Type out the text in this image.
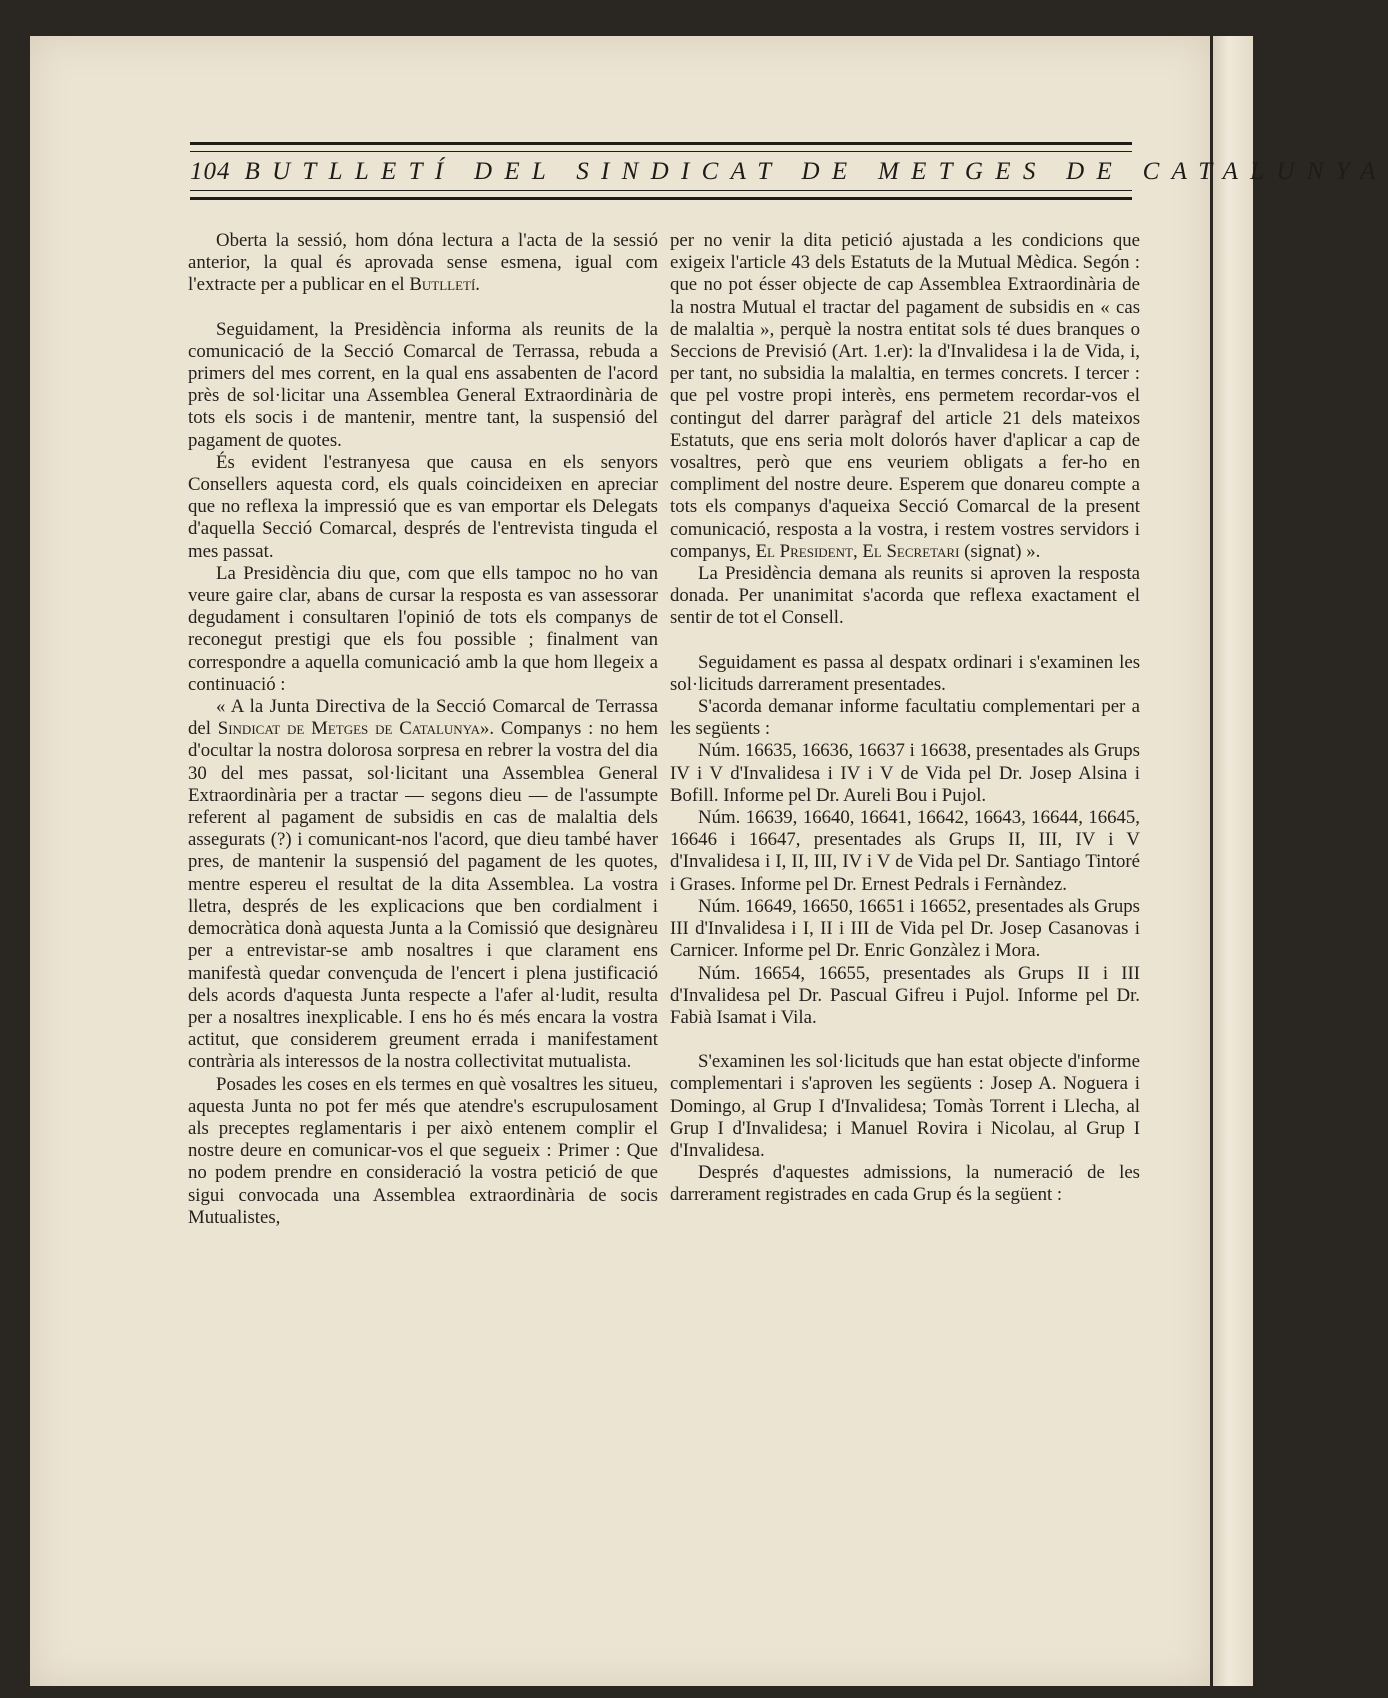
104 BUTLLETÍ DEL SINDICAT DE METGES DE CATALUNYA

Oberta la sessió, hom dóna lectura a l'acta de la sessió anterior, la qual és aprovada sense esmena, igual com l'extracte per a publicar en el Butlletí.

Seguidament, la Presidència informa als reunits de la comunicació de la Secció Comarcal de Terrassa, rebuda a primers del mes corrent, en la qual ens assabenten de l'acord près de sol·licitar una Assemblea General Extraordinària de tots els socis i de mantenir, mentre tant, la suspensió del pagament de quotes.

És evident l'estranyesa que causa en els senyors Consellers aquesta cord, els quals coincideixen en apreciar que no reflexa la impressió que es van emportar els Delegats d'aquella Secció Comarcal, després de l'entrevista tinguda el mes passat.

La Presidència diu que, com que ells tampoc no ho van veure gaire clar, abans de cursar la resposta es van assessorar degudament i consultaren l'opinió de tots els companys de reconegut prestigi que els fou possible ; finalment van correspondre a aquella comunicació amb la que hom llegeix a continuació :

« A la Junta Directiva de la Secció Comarcal de Terrassa del Sindicat de Metges de Catalunya». Companys : no hem d'ocultar la nostra dolorosa sorpresa en rebrer la vostra del dia 30 del mes passat, sol·licitant una Assemblea General Extraordinària per a tractar — segons dieu — de l'assumpte referent al pagament de subsidis en cas de malaltia dels assegurats (?) i comunicant-nos l'acord, que dieu també haver pres, de mantenir la suspensió del pagament de les quotes, mentre espereu el resultat de la dita Assemblea. La vostra lletra, després de les explicacions que ben cordialment i democràtica donà aquesta Junta a la Comissió que designàreu per a entrevistar-se amb nosaltres i que clarament ens manifestà quedar convençuda de l'encert i plena justificació dels acords d'aquesta Junta respecte a l'afer al·ludit, resulta per a nosaltres inexplicable. I ens ho és més encara la vostra actitut, que considerem greument errada i manifestament contrària als interessos de la nostra collectivitat mutualista.

Posades les coses en els termes en què vosaltres les situeu, aquesta Junta no pot fer més que atendre's escrupulosament als preceptes reglamentaris i per això entenem complir el nostre deure en comunicar-vos el que segueix : Primer : Que no podem prendre en consideració la vostra petició de que sigui convocada una Assemblea extraordinària de socis Mutualistes,

per no venir la dita petició ajustada a les condicions que exigeix l'article 43 dels Estatuts de la Mutual Mèdica. Segón : que no pot ésser objecte de cap Assemblea Extraordinària de la nostra Mutual el tractar del pagament de subsidis en « cas de malaltia », perquè la nostra entitat sols té dues branques o Seccions de Previsió (Art. 1.er): la d'Invalidesa i la de Vida, i, per tant, no subsidia la malaltia, en termes concrets. I tercer : que pel vostre propi interès, ens permetem recordar-vos el contingut del darrer paràgraf del article 21 dels mateixos Estatuts, que ens seria molt dolorós haver d'aplicar a cap de vosaltres, però que ens veuriem obligats a fer-ho en compliment del nostre deure. Esperem que donareu compte a tots els companys d'aqueixa Secció Comarcal de la present comunicació, resposta a la vostra, i restem vostres servidors i companys, El President, El Secretari (signat) ».

La Presidència demana als reunits si aproven la resposta donada. Per unanimitat s'acorda que reflexa exactament el sentir de tot el Consell.

Seguidament es passa al despatx ordinari i s'examinen les sol·licituds darrerament presentades.

S'acorda demanar informe facultatiu complementari per a les següents :

Núm. 16635, 16636, 16637 i 16638, presentades als Grups IV i V d'Invalidesa i IV i V de Vida pel Dr. Josep Alsina i Bofill. Informe pel Dr. Aureli Bou i Pujol.

Núm. 16639, 16640, 16641, 16642, 16643, 16644, 16645, 16646 i 16647, presentades als Grups II, III, IV i V d'Invalidesa i I, II, III, IV i V de Vida pel Dr. Santiago Tintoré i Grases. Informe pel Dr. Ernest Pedrals i Fernàndez.

Núm. 16649, 16650, 16651 i 16652, presentades als Grups III d'Invalidesa i I, II i III de Vida pel Dr. Josep Casanovas i Carnicer. Informe pel Dr. Enric Gonzàlez i Mora.

Núm. 16654, 16655, presentades als Grups II i III d'Invalidesa pel Dr. Pascual Gifreu i Pujol. Informe pel Dr. Fabià Isamat i Vila.

S'examinen les sol·licituds que han estat objecte d'informe complementari i s'aproven les següents : Josep A. Noguera i Domingo, al Grup I d'Invalidesa; Tomàs Torrent i Llecha, al Grup I d'Invalidesa; i Manuel Rovira i Nicolau, al Grup I d'Invalidesa.

Després d'aquestes admissions, la numeració de les darrerament registrades en cada Grup és la següent :
